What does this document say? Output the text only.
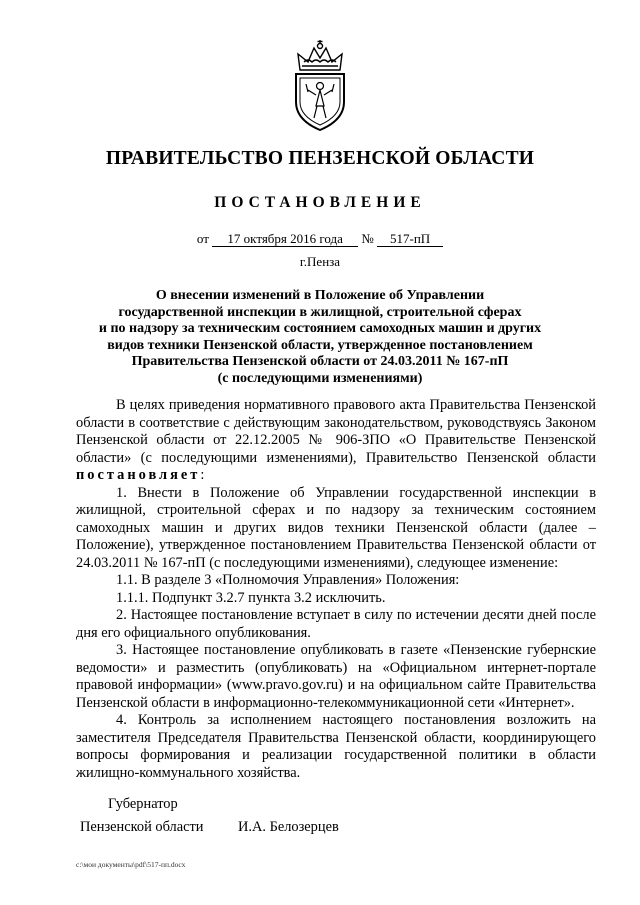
ПРАВИТЕЛЬСТВО ПЕНЗЕНСКОЙ ОБЛАСТИ
ПОСТАНОВЛЕНИЕ
от 17 октября 2016 года № 517-пП
г.Пенза
О внесении изменений в Положение об Управлении
государственной инспекции в жилищной, строительной сферах
и по надзору за техническим состоянием самоходных машин и других
видов техники Пензенской области, утвержденное постановлением
Правительства Пензенской области от 24.03.2011 № 167-пП
(с последующими изменениями)

В целях приведения нормативного правового акта Правительства Пензенской области в соответствие с действующим законодательством, руководствуясь Законом Пензенской области от 22.12.2005 № 906-ЗПО «О Правительстве Пензенской области» (с последующими изменениями), Правительство Пензенской области постановляет:

1. Внести в Положение об Управлении государственной инспекции в жилищной, строительной сферах и по надзору за техническим состоянием самоходных машин и других видов техники Пензенской области (далее – Положение), утвержденное постановлением Правительства Пензенской области от 24.03.2011 № 167-пП (с последующими изменениями), следующее изменение:

1.1. В разделе 3 «Полномочия Управления» Положения:

1.1.1. Подпункт 3.2.7 пункта 3.2 исключить.

2. Настоящее постановление вступает в силу по истечении десяти дней после дня его официального опубликования.

3. Настоящее постановление опубликовать в газете «Пензенские губернские ведомости» и разместить (опубликовать) на «Официальном интернет-портале правовой информации» (www.pravo.gov.ru) и на официальном сайте Правительства Пензенской области в информационно-телекоммуникационной сети «Интернет».

4. Контроль за исполнением настоящего постановления возложить на заместителя Председателя Правительства Пензенской области, координирующего вопросы формирования и реализации государственной политики в области жилищно-коммунального хозяйства.

Губернатор
Пензенской области И.А. Белозерцев
c:\мои документы\pdf\517-пп.docx
